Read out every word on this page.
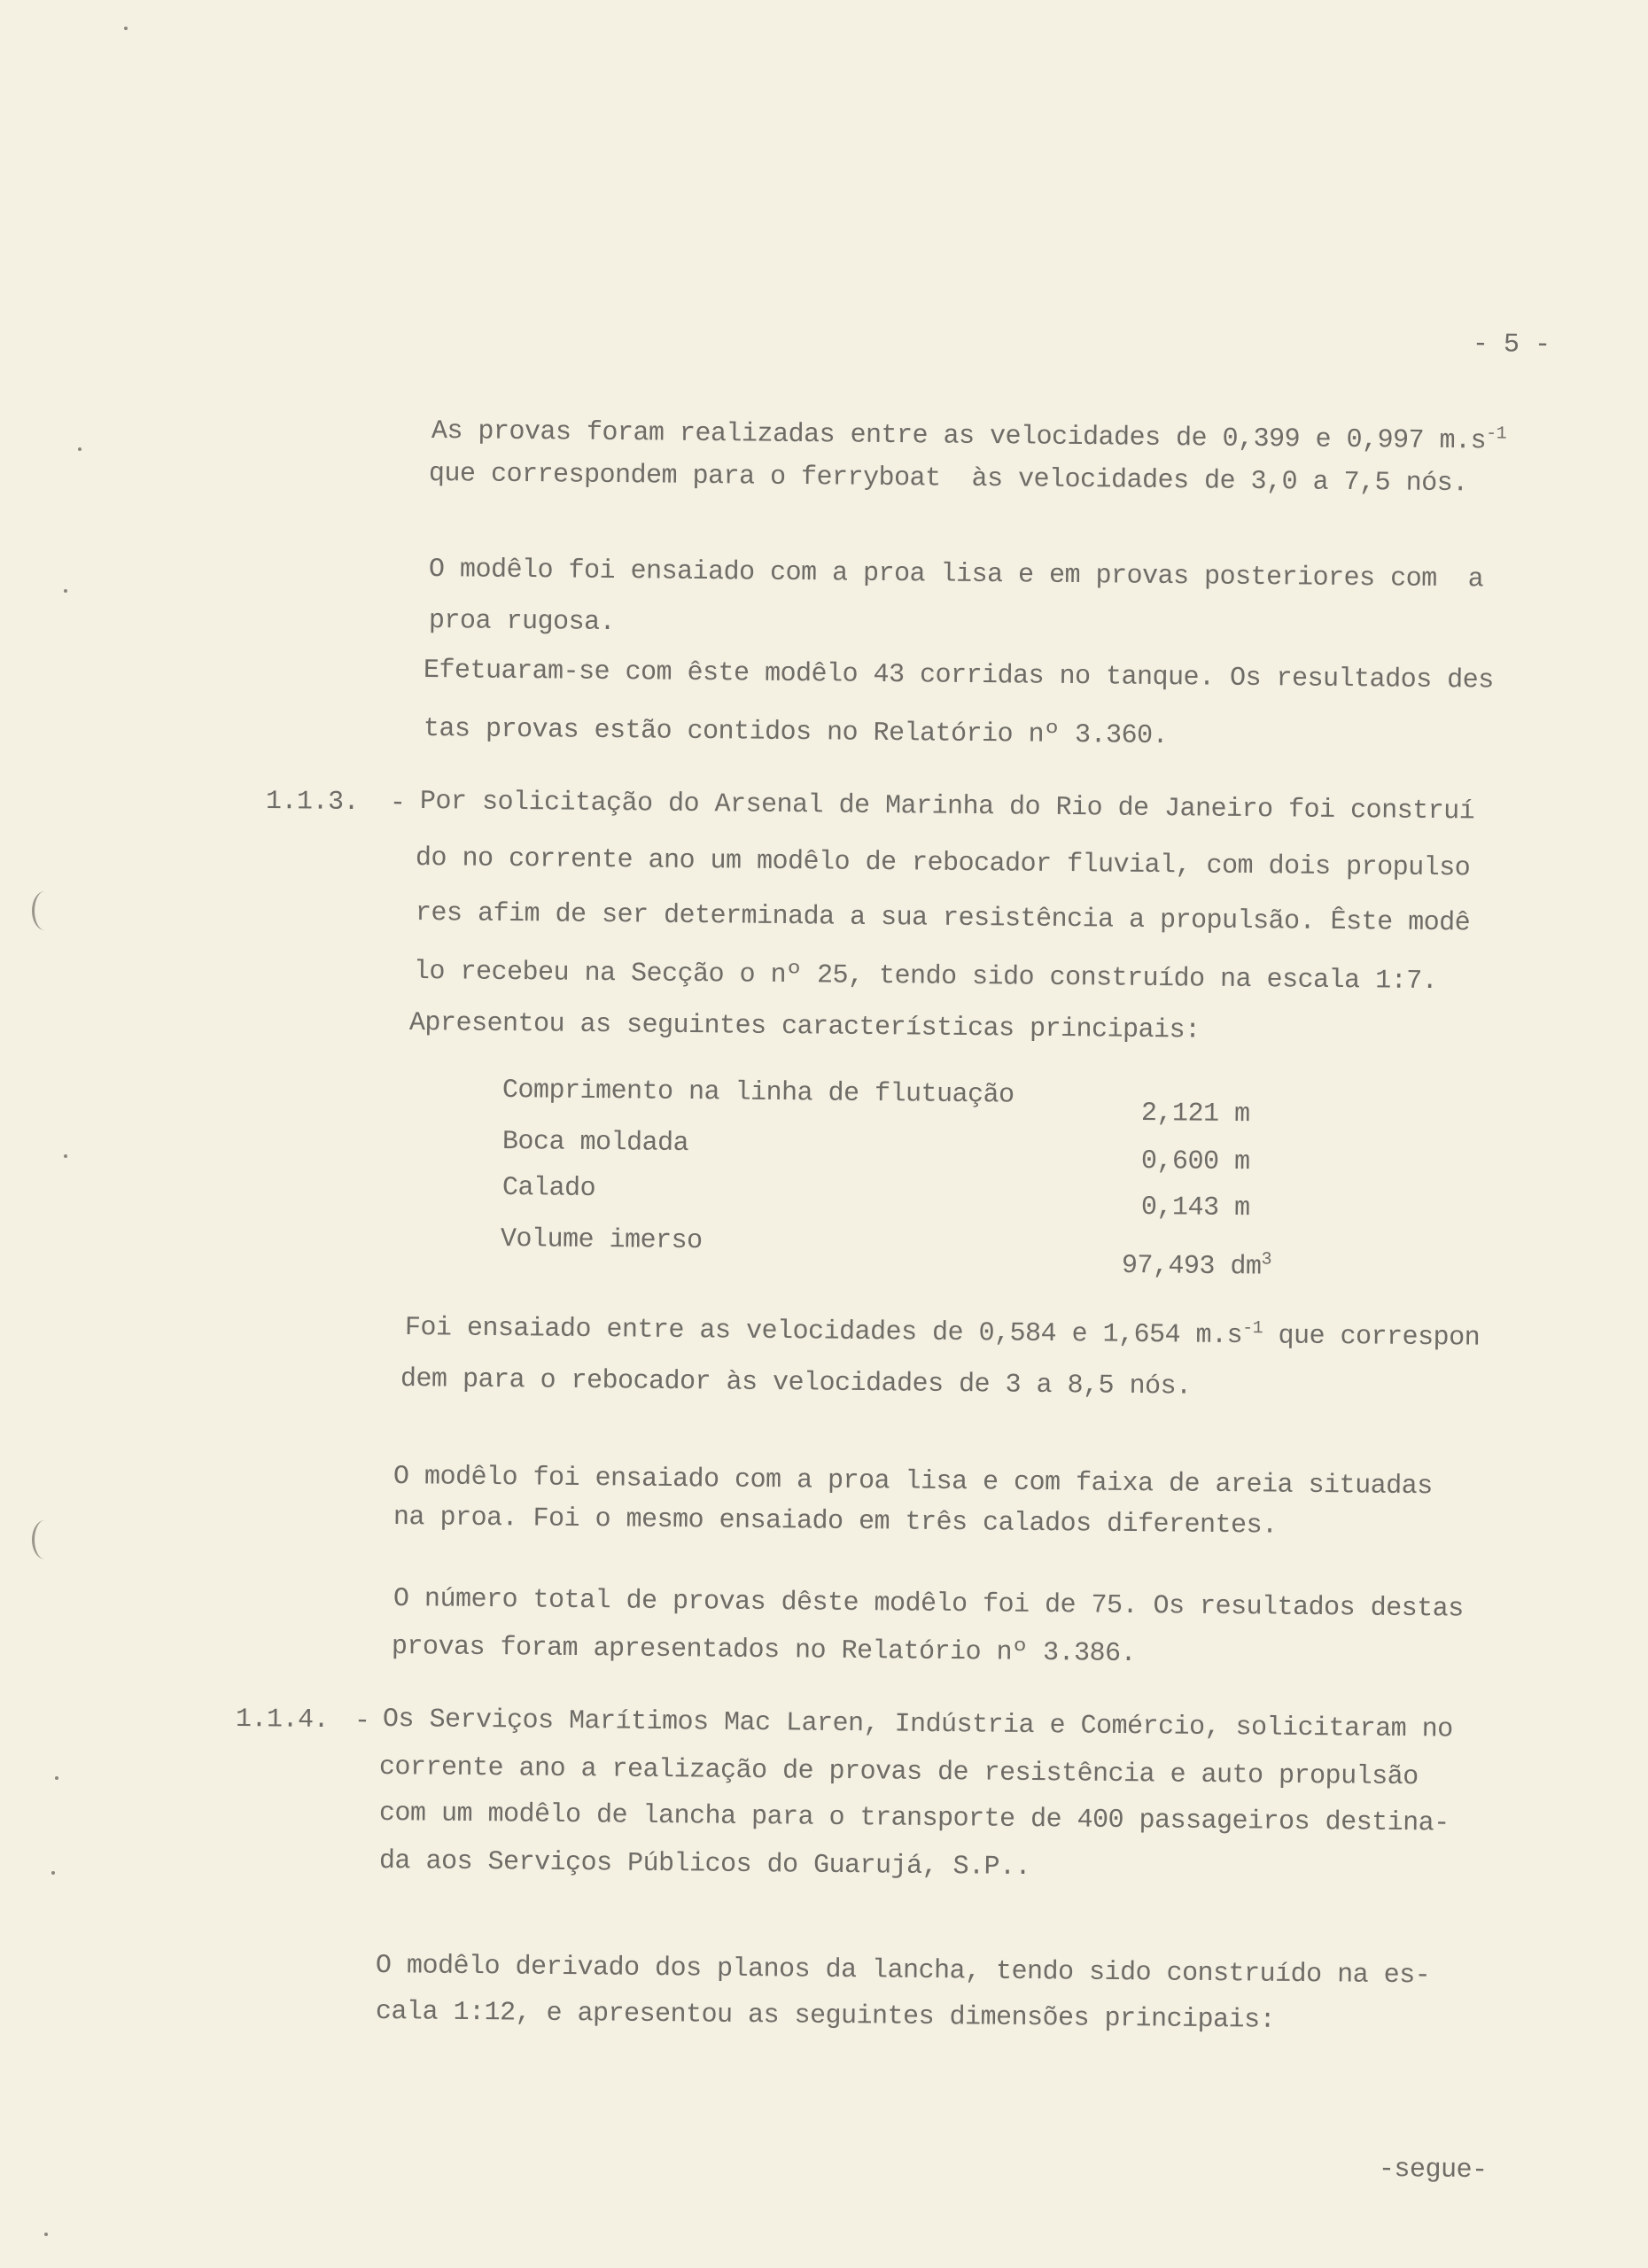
- 5 -
As provas foram realizadas entre as velocidades de 0,399 e 0,997 $m.s^{-1}$
que correspondem para o ferryboat  às velocidades de 3,0 a 7,5 nós.
O modêlo foi ensaiado com a proa lisa e em provas posteriores com  a
proa rugosa.
Efetuaram-se com êste modêlo 43 corridas no tanque. Os resultados des
tas provas estão contidos no Relatório nº 3.360.
1.1.3. - Por solicitação do Arsenal de Marinha do Rio de Janeiro foi construí
do no corrente ano um modêlo de rebocador fluvial, com dois propulso
res afim de ser determinada a sua resistência a propulsão. Êste modê
lo recebeu na Secção o nº 25, tendo sido construído na escala 1:7.
Apresentou as seguintes características principais:
Comprimento na linha de flutuação
2,121 m
Boca moldada
0,600 m
Calado
0,143 m
Volume imerso
97,493 $dm^3$
Foi ensaiado entre as velocidades de 0,584 e 1,654 $m.s^{-1}$ que correspon
dem para o rebocador às velocidades de 3 a 8,5 nós.
O modêlo foi ensaiado com a proa lisa e com faixa de areia situadas
na proa. Foi o mesmo ensaiado em três calados diferentes.
O número total de provas dêste modêlo foi de 75. Os resultados destas
provas foram apresentados no Relatório nº 3.386.
1.1.4. - Os Serviços Marítimos Mac Laren, Indústria e Comércio, solicitaram no
corrente ano a realização de provas de resistência e auto propulsão
com um modêlo de lancha para o transporte de 400 passageiros destina-
da aos Serviços Públicos do Guarujá, S.P..
O modêlo derivado dos planos da lancha, tendo sido construído na es-
cala 1:12, e apresentou as seguintes dimensões principais:
-segue-
